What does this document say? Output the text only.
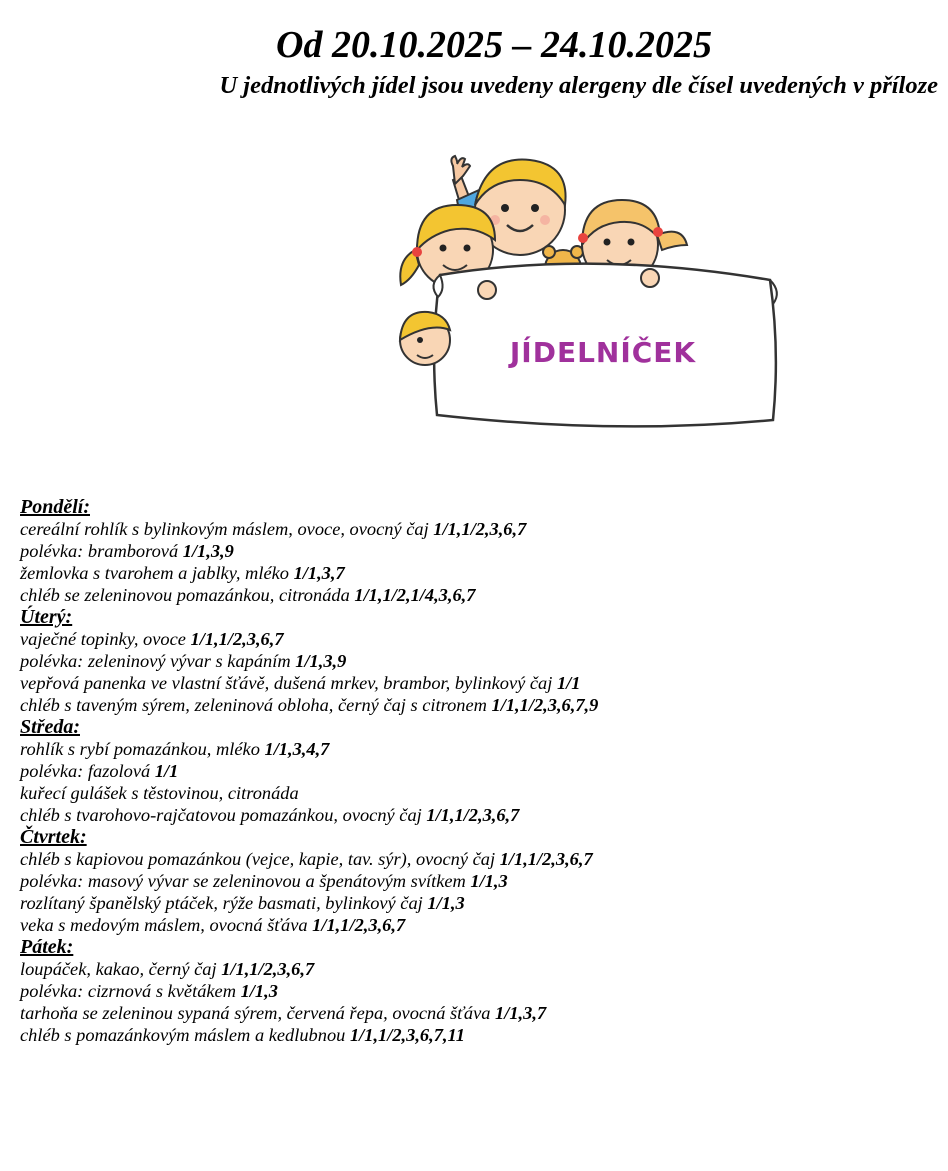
Od 20.10.2025 – 24.10.2025
U jednotlivých jídel jsou uvedeny alergeny dle čísel uvedených v příloze
JÍDELNÍČEK
Pondělí:
cereální rohlík s bylinkovým máslem, ovoce, ovocný čaj 1/1,1/2,3,6,7
polévka: bramborová 1/1,3,9
žemlovka s tvarohem a jablky, mléko 1/1,3,7
chléb se zeleninovou pomazánkou, citronáda 1/1,1/2,1/4,3,6,7
Úterý:
vaječné topinky, ovoce 1/1,1/2,3,6,7
polévka: zeleninový vývar s kapáním 1/1,3,9
vepřová panenka ve vlastní šťávě, dušená mrkev, brambor, bylinkový čaj 1/1
chléb s taveným sýrem, zeleninová obloha, černý čaj s citronem 1/1,1/2,3,6,7,9
Středa:
rohlík s rybí pomazánkou, mléko 1/1,3,4,7
polévka: fazolová 1/1
kuřecí gulášek s těstovinou, citronáda
chléb s tvarohovo-rajčatovou pomazánkou, ovocný čaj 1/1,1/2,3,6,7
Čtvrtek:
chléb s kapiovou pomazánkou (vejce, kapie, tav. sýr), ovocný čaj 1/1,1/2,3,6,7
polévka: masový vývar se zeleninovou a špenátovým svítkem 1/1,3
rozlítaný španělský ptáček, rýže basmati, bylinkový čaj 1/1,3
veka s medovým máslem, ovocná šťáva 1/1,1/2,3,6,7
Pátek:
loupáček, kakao, černý čaj 1/1,1/2,3,6,7
polévka: cizrnová s květákem 1/1,3
tarhoňa se zeleninou sypaná sýrem, červená řepa, ovocná šťáva 1/1,3,7
chléb s pomazánkovým máslem a kedlubnou 1/1,1/2,3,6,7,11
